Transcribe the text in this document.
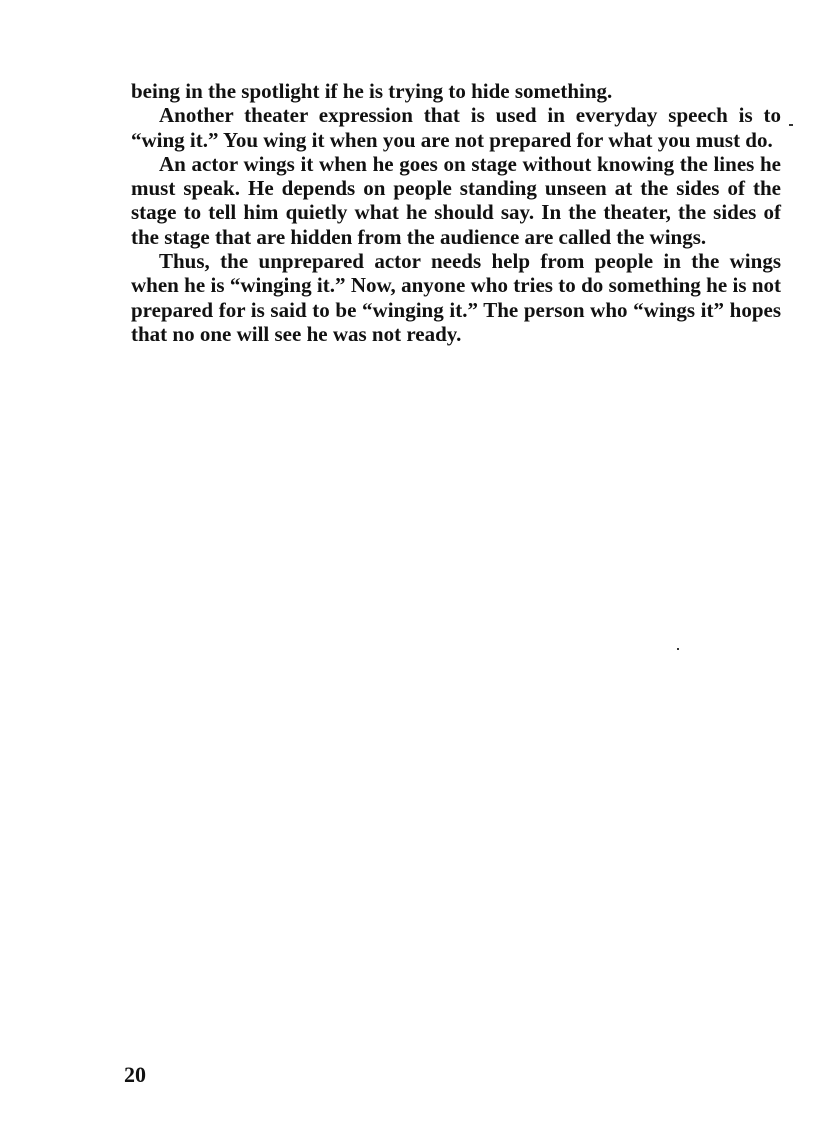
being in the spotlight if he is trying to hide something.

Another theater expression that is used in everyday speech is to “wing it.” You wing it when you are not prepared for what you must do.

An actor wings it when he goes on stage without knowing the lines he must speak. He depends on people standing unseen at the sides of the stage to tell him quietly what he should say. In the theater, the sides of the stage that are hidden from the audience are called the wings.

Thus, the unprepared actor needs help from people in the wings when he is “winging it.” Now, anyone who tries to do something he is not prepared for is said to be “winging it.” The person who “wings it” hopes that no one will see he was not ready.

20
